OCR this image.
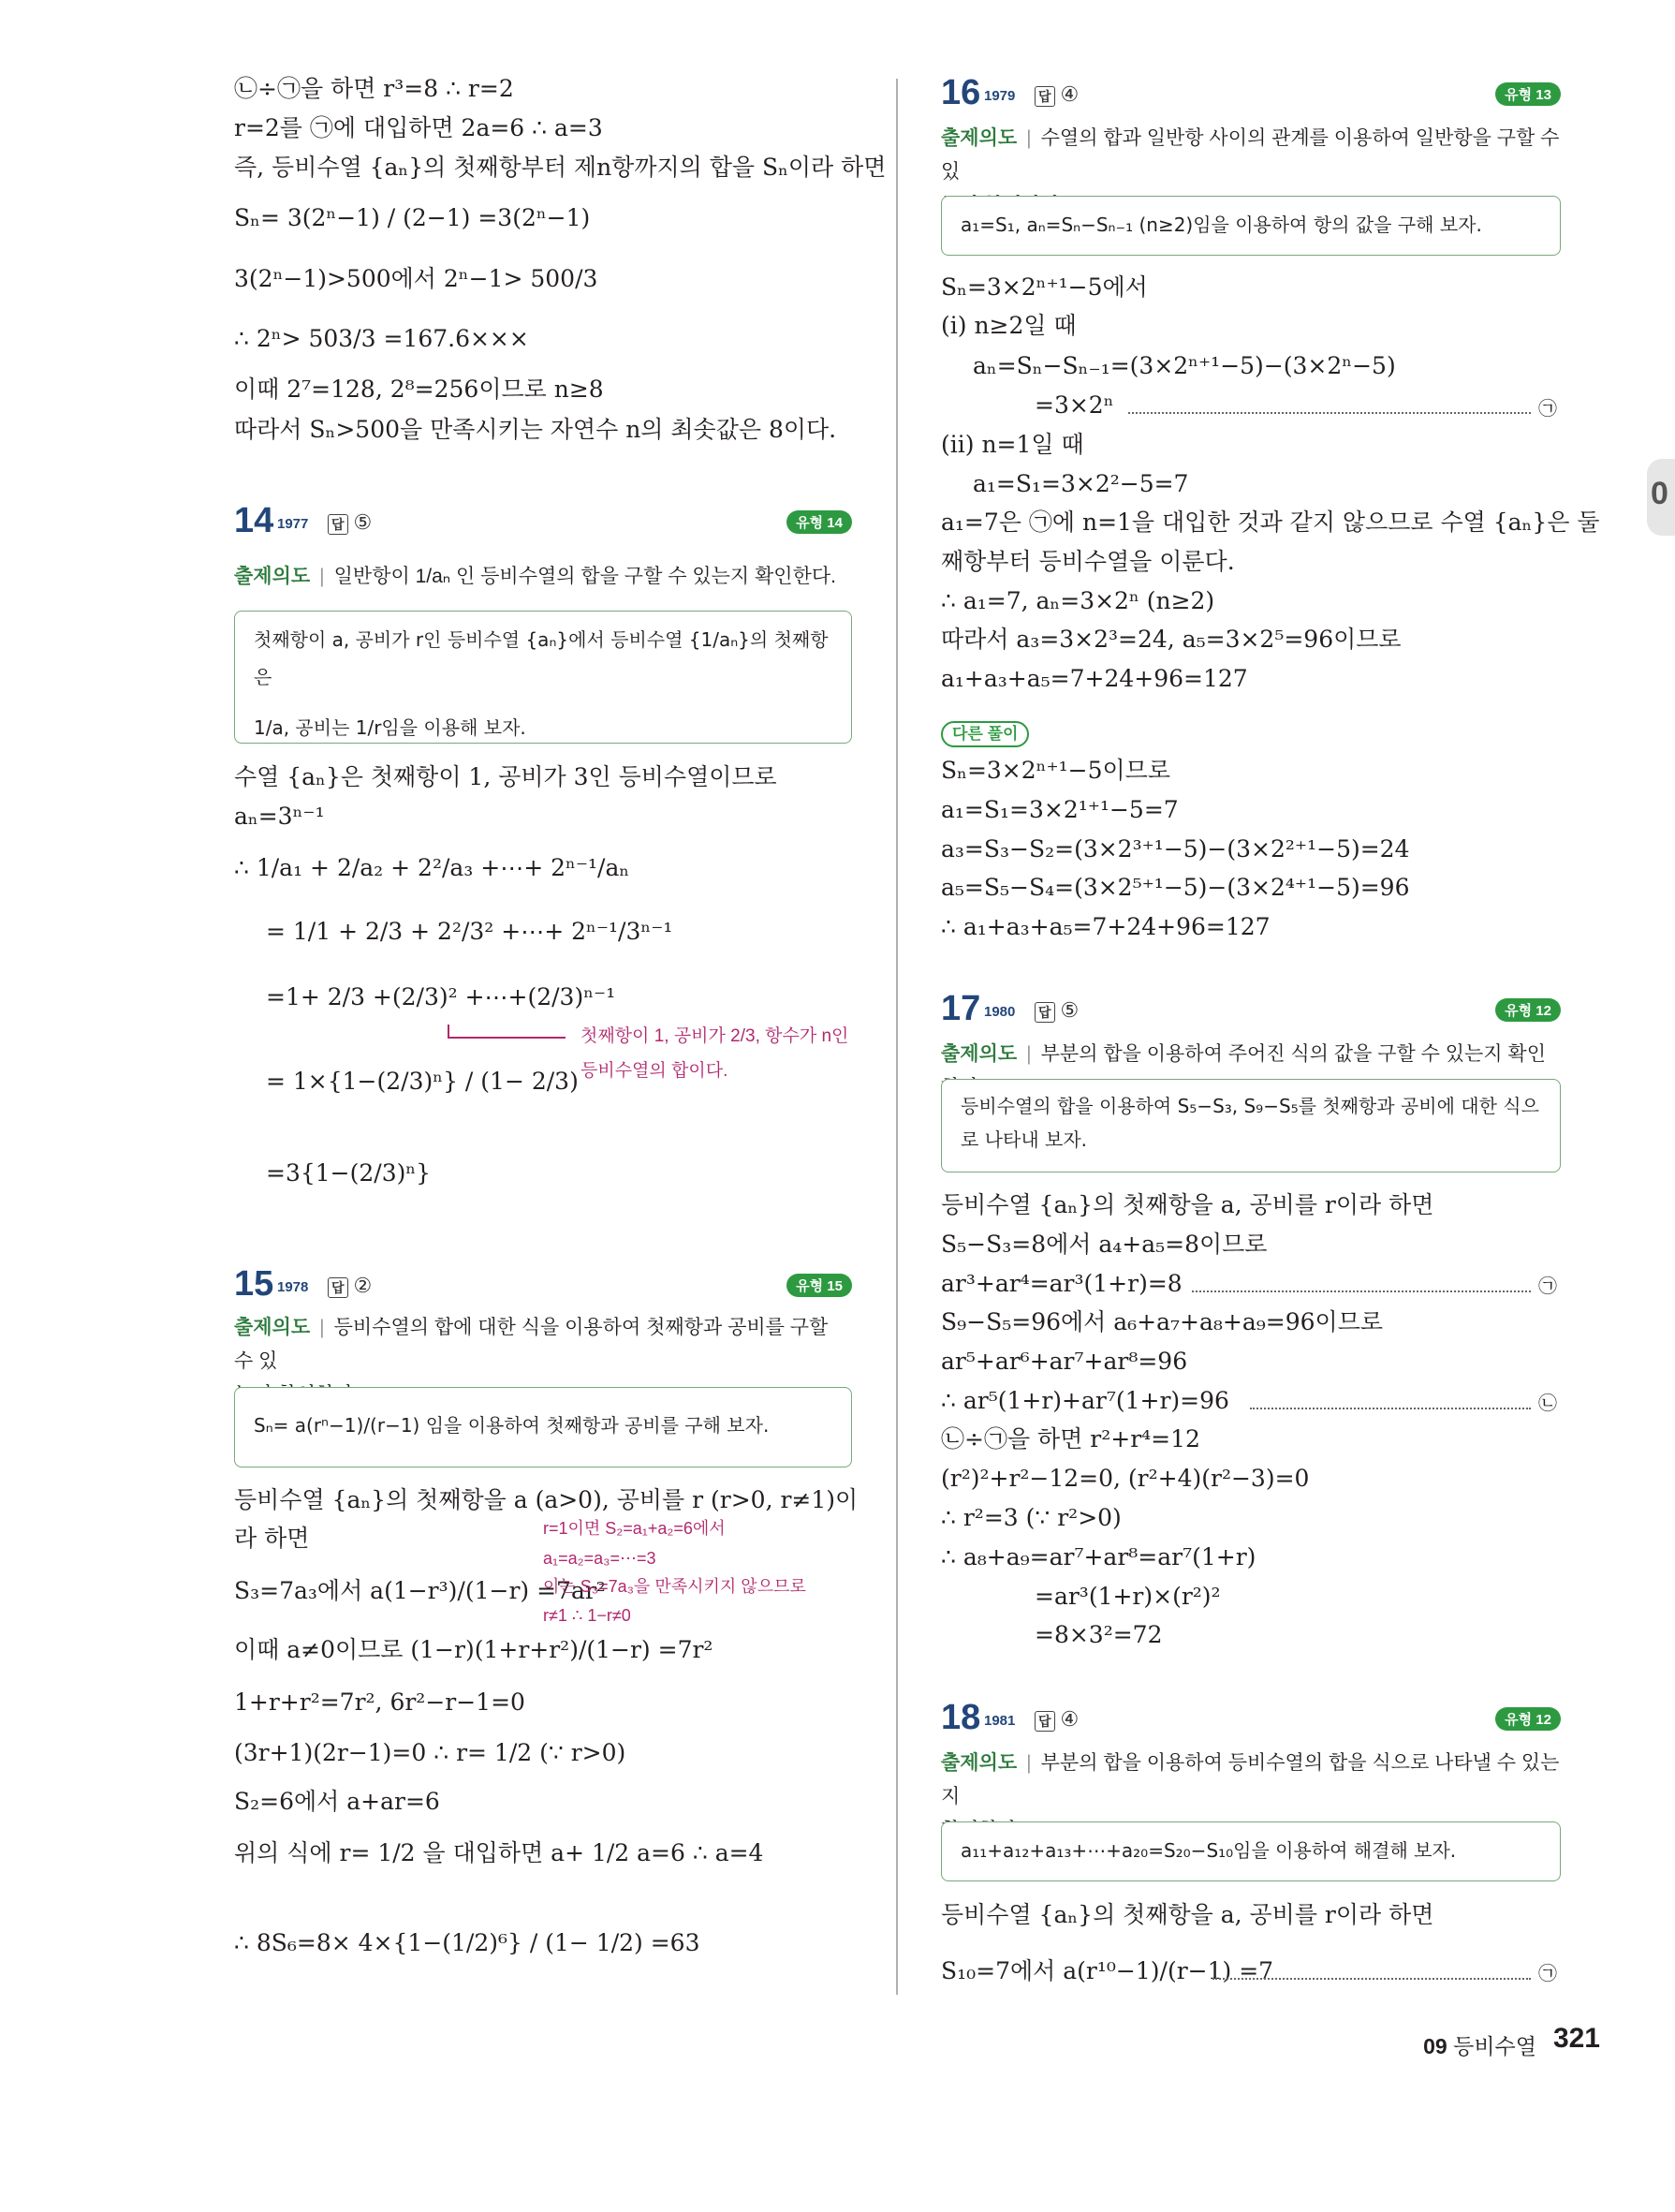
㉡÷㉠을 하면 r³=8 ∴ r=2
r=2를 ㉠에 대입하면 2a=6 ∴ a=3
즉, 등비수열 {aₙ}의 첫째항부터 제n항까지의 합을 Sₙ이라 하면
Sₙ= 3(2ⁿ−1) / (2−1) =3(2ⁿ−1)
3(2ⁿ−1)>500에서 2ⁿ−1> 500/3
∴ 2ⁿ> 503/3 =167.6×××
이때 2⁷=128, 2⁸=256이므로 n≥8
따라서 Sₙ>500을 만족시키는 자연수 n의 최솟값은 8이다.
14 1977 답 ⑤	유형 14
출제의도 | 일반항이 1/aₙ 인 등비수열의 합을 구할 수 있는지 확인한다.
첫째항이 a, 공비가 r인 등비수열 {aₙ}에서 등비수열 {1/aₙ}의 첫째항은
1/a, 공비는 1/r임을 이용해 보자.
수열 {aₙ}은 첫째항이 1, 공비가 3인 등비수열이므로
aₙ=3ⁿ⁻¹
∴ 1/a₁ + 2/a₂ + 2²/a₃ +⋯+ 2ⁿ⁻¹/aₙ
= 1/1 + 2/3 + 2²/3² +⋯+ 2ⁿ⁻¹/3ⁿ⁻¹
=1+ 2/3 +(2/3)² +⋯+(2/3)ⁿ⁻¹
= 1×{1−(2/3)ⁿ} / (1− 2/3)
=3{1−(2/3)ⁿ}
첫째항이 1, 공비가 2/3, 항수가 n인
등비수열의 합이다.
15 1978 답 ②	유형 15
출제의도 | 등비수열의 합에 대한 식을 이용하여 첫째항과 공비를 구할 수 있
Sₙ= a(rⁿ−1)/(r−1) 임을 이용하여 첫째항과 공비를 구해 보자.
등비수열 {aₙ}의 첫째항을 a (a>0), 공비를 r (r>0, r≠1)이
라 하면
S₃=7a₃에서 a(1−r³)/(1−r) =7ar²
이때 a≠0이므로 (1−r)(1+r+r²)/(1−r) =7r²
1+r+r²=7r², 6r²−r−1=0
(3r+1)(2r−1)=0 ∴ r= 1/2 (∵ r>0)
S₂=6에서 a+ar=6
위의 식에 r= 1/2 을 대입하면 a+ 1/2 a=6 ∴ a=4
∴ 8S₆=8× 4×{1−(1/2)⁶} / (1− 1/2) =63
r=1이면 S₂=a₁+a₂=6에서
a₁=a₂=a₃=⋯=3
이는 S₃=7a₃을 만족시키지 않으므로
r≠1 ∴ 1−r≠0
16 1979 답 ④	유형 13
출제의도 | 수열의 합과 일반항 사이의 관계를 이용하여 일반항을 구할 수 있
a₁=S₁, aₙ=Sₙ−Sₙ₋₁ (n≥2)임을 이용하여 항의 값을 구해 보자.
Sₙ=3×2ⁿ⁺¹−5에서
(ⅰ) n≥2일 때
aₙ=Sₙ−Sₙ₋₁=(3×2ⁿ⁺¹−5)−(3×2ⁿ−5)
=3×2ⁿ	㉠
(ⅱ) n=1일 때
a₁=S₁=3×2²−5=7
a₁=7은 ㉠에 n=1을 대입한 것과 같지 않으므로 수열 {aₙ}은 둘
째항부터 등비수열을 이룬다.
∴ a₁=7, aₙ=3×2ⁿ (n≥2)
따라서 a₃=3×2³=24, a₅=3×2⁵=96이므로
a₁+a₃+a₅=7+24+96=127
다른 풀이
Sₙ=3×2ⁿ⁺¹−5이므로
a₁=S₁=3×2¹⁺¹−5=7
a₃=S₃−S₂=(3×2³⁺¹−5)−(3×2²⁺¹−5)=24
a₅=S₅−S₄=(3×2⁵⁺¹−5)−(3×2⁴⁺¹−5)=96
∴ a₁+a₃+a₅=7+24+96=127
17 1980 답 ⑤	유형 12
출제의도 | 부분의 합을 이용하여 주어진 식의 값을 구할 수 있는지 확인
등비수열의 합을 이용하여 S₅−S₃, S₉−S₅를 첫째항과 공비에 대한 식으
로 나타내 보자.
등비수열 {aₙ}의 첫째항을 a, 공비를 r이라 하면
S₅−S₃=8에서 a₄+a₅=8이므로
ar³+ar⁴=ar³(1+r)=8	㉠
S₉−S₅=96에서 a₆+a₇+a₈+a₉=96이므로
ar⁵+ar⁶+ar⁷+ar⁸=96
∴ ar⁵(1+r)+ar⁷(1+r)=96	㉡
㉡÷㉠을 하면 r²+r⁴=12
(r²)²+r²−12=0, (r²+4)(r²−3)=0
∴ r²=3 (∵ r²>0)
∴ a₈+a₉=ar⁷+ar⁸=ar⁷(1+r)
=ar³(1+r)×(r²)²
=8×3²=72
18 1981 답 ④	유형 12
출제의도 | 부분의 합을 이용하여 등비수열의 합을 식으로 나타낼 수 있는지
a₁₁+a₁₂+a₁₃+⋯+a₂₀=S₂₀−S₁₀임을 이용하여 해결해 보자.
등비수열 {aₙ}의 첫째항을 a, 공비를 r이라 하면
S₁₀=7에서 a(r¹⁰−1)/(r−1) =7	㉠
0
09 등비수열 321
